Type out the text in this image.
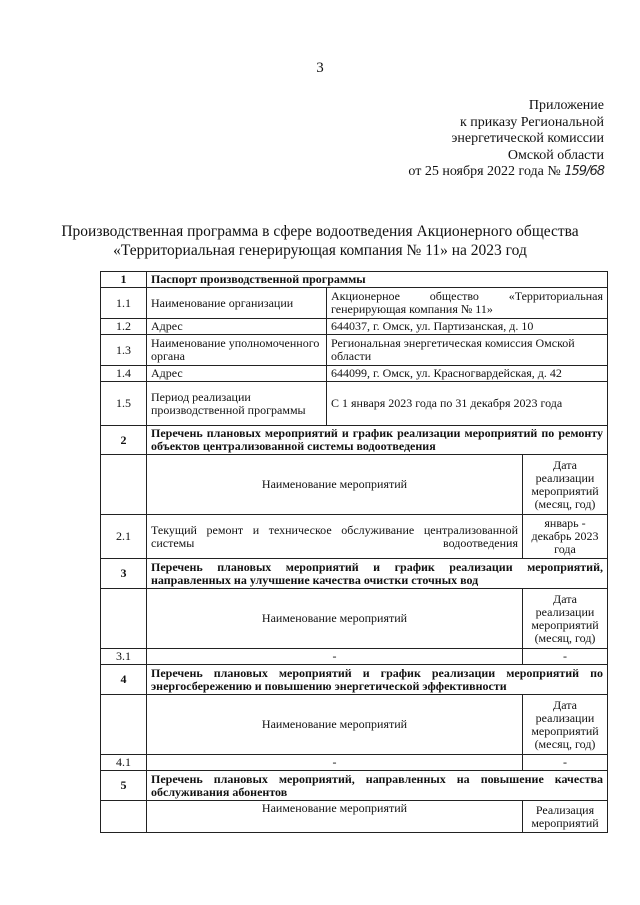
3
Приложение
к приказу Региональной
энергетической комиссии
Омской области
от 25 ноября 2022 года № 159/68
Производственная программа в сфере водоотведения Акционерного общества
«Территориальная генерирующая компания № 11» на 2023 год
1	Паспорт производственной программы		
1.1	Наименование организации	Акционерное общество «Территориальная генерирующая компания № 11»	
1.2	Адрес	644037, г. Омск, ул. Партизанская, д. 10	
1.3	Наименование уполномоченного органа	Региональная энергетическая комиссия Омской области	
1.4	Адрес	644099, г. Омск, ул. Красногвардейская, д. 42	
1.5	Период реализации производственной программы	С 1 января 2023 года по 31 декабря 2023 года	
2	Перечень плановых мероприятий и график реализации мероприятий по ремонту объектов централизованной системы водоотведения		
	Наименование мероприятий		Дата реализации мероприятий (месяц, год)
2.1	Текущий ремонт и техническое обслуживание централизованной системы водоотведения		январь - декабрь 2023 года
3	Перечень плановых мероприятий и график реализации мероприятий, направленных на улучшение качества очистки сточных вод		
	Наименование мероприятий		Дата реализации мероприятий (месяц, год)
3.1	-		-
4	Перечень плановых мероприятий и график реализации мероприятий по энергосбережению и повышению энергетической эффективности		
	Наименование мероприятий		Дата реализации мероприятий (месяц, год)
4.1	-		-
5	Перечень плановых мероприятий, направленных на повышение качества обслуживания абонентов		
	Наименование мероприятий		Реализация мероприятий
